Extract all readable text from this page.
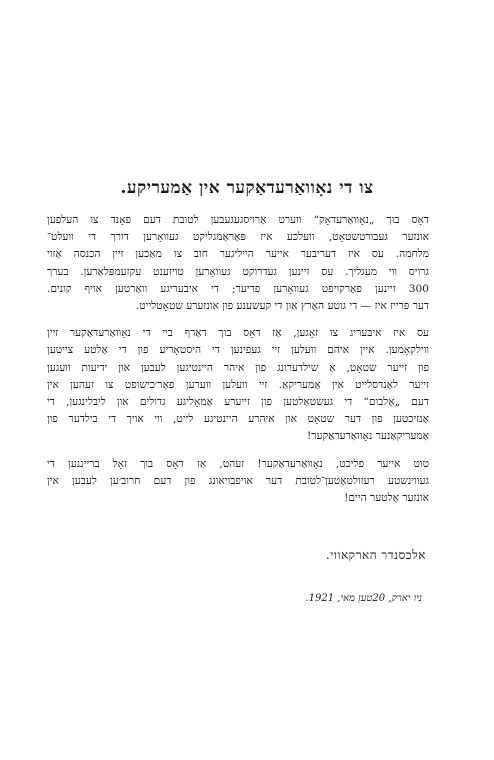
צו די נאָוואַרעדאַקער אין אַמעריקע.

דאָס בוך „נאָוואַרעדאָק“ ווערט אַרויסגעגעבען לטובת דעם פאָנד צו העלפען
אונזער געבורטשטאָט, וועלכע איז פּאַראַמגליקט געוואָרען דורך די וועלט־
מלחמה. עס איז דעריבער אייער הייליגער חוב צו מאַכען זיין הכנסה אַזוי
גרויס ווי מעגליך. עס זיינען געדרוקט געוואָרען טויזענט עקזעמפּלאַרען. בערך
300 זיינען פאַרקויפט געוואָרען פריער; די איבעריגע וואַרטען אויף קונים.
דער פּרייז איז — די גוטע האַרץ און די קעשענע פון אונזערע שטאָטלייט.

עס איז איבעריג צו זאָגען, אַז דאָס בוך דאַרף ביי די נאָוואַרעדאַקער זיין
ווילקאָמען. איין איהם וועלען זיי געפינען די היסטאָריע פון די אַלטע צייטען
פון זייער שטאָט, אַ שילדערונג פון איהר היינטיגען לעבען און ידיעות וועגען
זייער לאַנדסלייט אין אַמעריקאַ. זיי וועלען ווערען פאַר׳כישופט צו זעהען אין
דעם „אַלבום“ די געשטאַלטען פון זייערע אַמאָליגע גדולים און ליבלינגען, די
אַנזיכטען פון דער שטאָט און איהרע היינטיגע לייט, ווי אויך די בילדער פון
אַמעריקאַנער נאָוואַרעדאַקער!

טוט אייער פליכט, נאָוואַרעדאַקער! זעהט, אַז דאָס בוך זאָל ברייננען די
געווינשטע רעזולטאַטען־לטובת דער אויפבויאונג פון דעם חרוב׳ען לעבען אין
אונזער אַלטער היים!

אלכסנדר הארקאווי.
ניו יארק, 20טען מאי, 1921.
